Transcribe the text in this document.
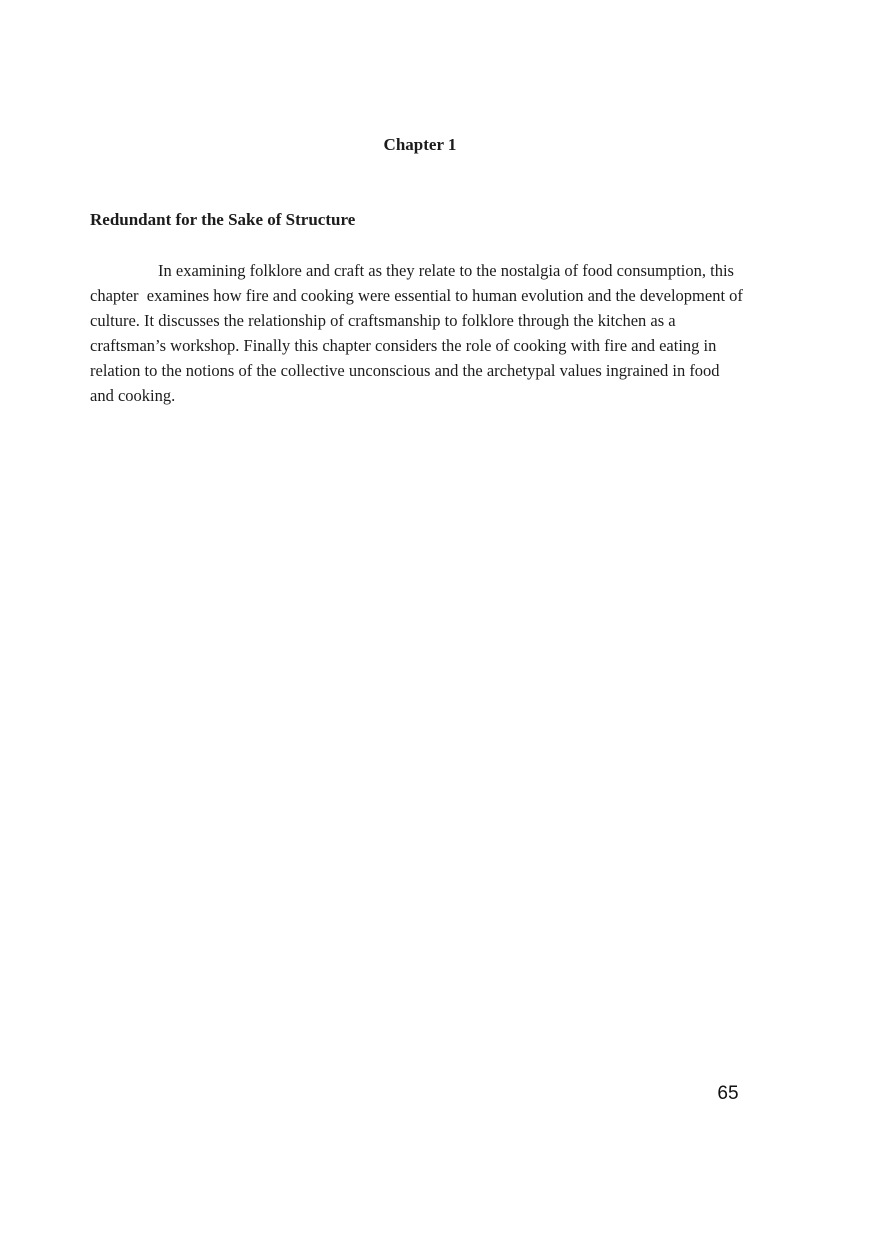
Chapter 1
Redundant for the Sake of Structure
In examining folklore and craft as they relate to the nostalgia of food consumption, this chapter  examines how fire and cooking were essential to human evolution and the development of culture. It discusses the relationship of craftsmanship to folklore through the kitchen as a craftsman’s workshop. Finally this chapter considers the role of cooking with fire and eating in relation to the notions of the collective unconscious and the archetypal values ingrained in food and cooking.
65
